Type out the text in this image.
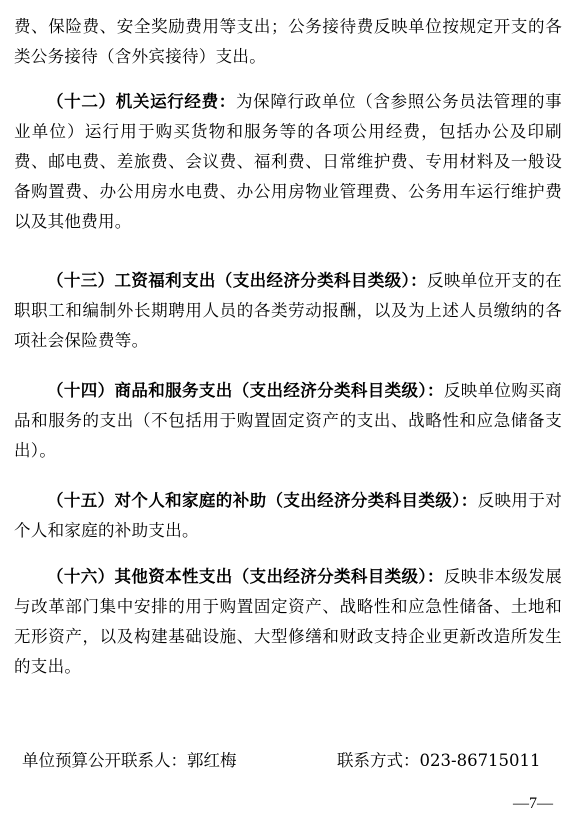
费、保险费、安全奖励费用等支出；公务接待费反映单位按规定开支的各类公务接待（含外宾接待）支出。

（十二）机关运行经费：为保障行政单位（含参照公务员法管理的事业单位）运行用于购买货物和服务等的各项公用经费，包括办公及印刷费、邮电费、差旅费、会议费、福利费、日常维护费、专用材料及一般设备购置费、办公用房水电费、办公用房物业管理费、公务用车运行维护费以及其他费用。

（十三）工资福利支出（支出经济分类科目类级）：反映单位开支的在职职工和编制外长期聘用人员的各类劳动报酬，以及为上述人员缴纳的各项社会保险费等。

（十四）商品和服务支出（支出经济分类科目类级）：反映单位购买商品和服务的支出（不包括用于购置固定资产的支出、战略性和应急储备支出）。

（十五）对个人和家庭的补助（支出经济分类科目类级）：反映用于对个人和家庭的补助支出。

（十六）其他资本性支出（支出经济分类科目类级）：反映非本级发展与改革部门集中安排的用于购置固定资产、战略性和应急性储备、土地和无形资产，以及构建基础设施、大型修缮和财政支持企业更新改造所发生的支出。

单位预算公开联系人：郭红梅	联系方式：023-86715011
—7—
